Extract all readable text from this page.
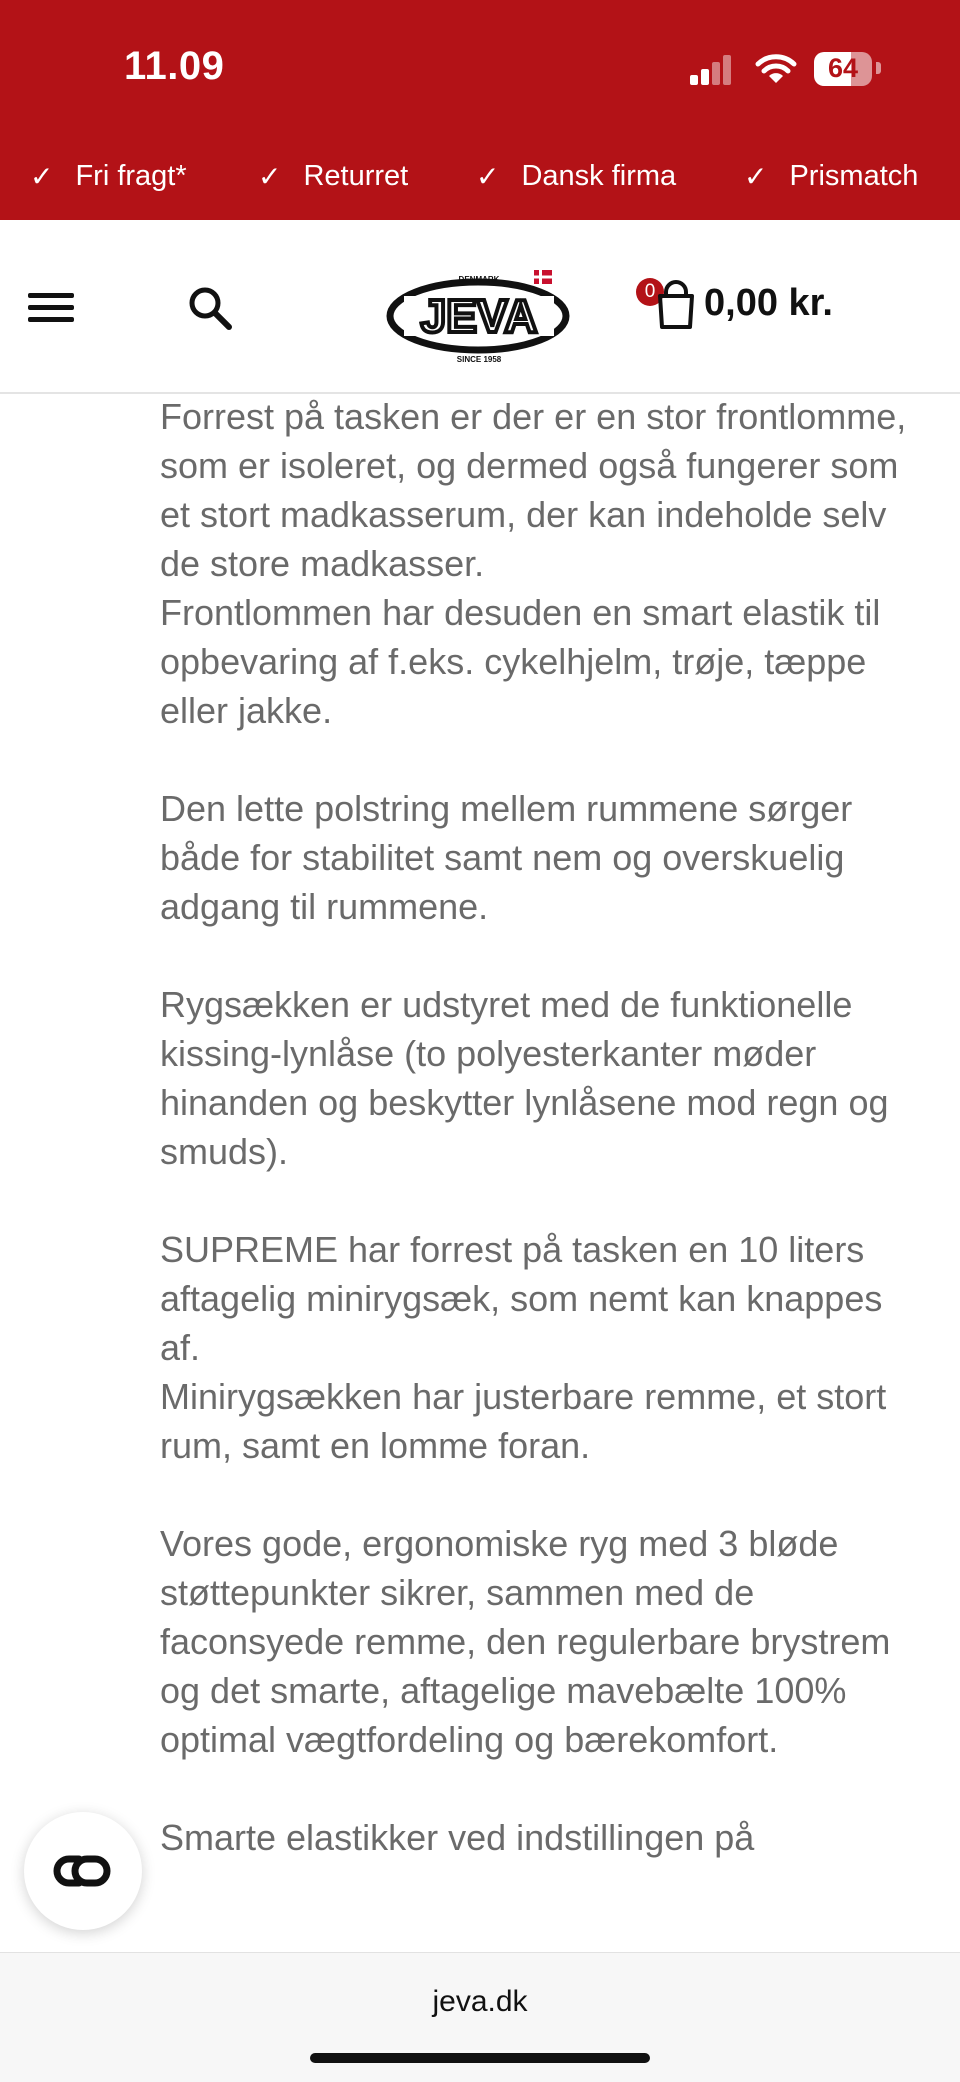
11.09	64
✓ Fri fragt*	✓ Returret ✓ Dansk firma ✓ Prismatch
JEVA
DENMARK
SINCE 1958
0 0,00 kr.

Forrest på tasken er der er en stor frontlomme, som er isoleret, og dermed også fungerer som et stort madkasserum, der kan indeholde selv de store madkasser.
Frontlommen har desuden en smart elastik til opbevaring af f.eks. cykelhjelm, trøje, tæppe eller jakke.

Den lette polstring mellem rummene sørger både for stabilitet samt nem og overskuelig adgang til rummene.

Rygsækken er udstyret med de funktionelle kissing-lynlåse (to polyesterkanter møder hinanden og beskytter lynlåsene mod regn og smuds).

SUPREME har forrest på tasken en 10 liters aftagelig minirygsæk, som nemt kan knappes af.
Minirygsækken har justerbare remme, et stort rum, samt en lomme foran.

Vores gode, ergonomiske ryg med 3 bløde støttepunkter sikrer, sammen med de faconsyede remme, den regulerbare brystrem og det smarte, aftagelige mavebælte 100% optimal vægtfordeling og bærekomfort.

Smarte elastikker ved indstillingen på

jeva.dk
